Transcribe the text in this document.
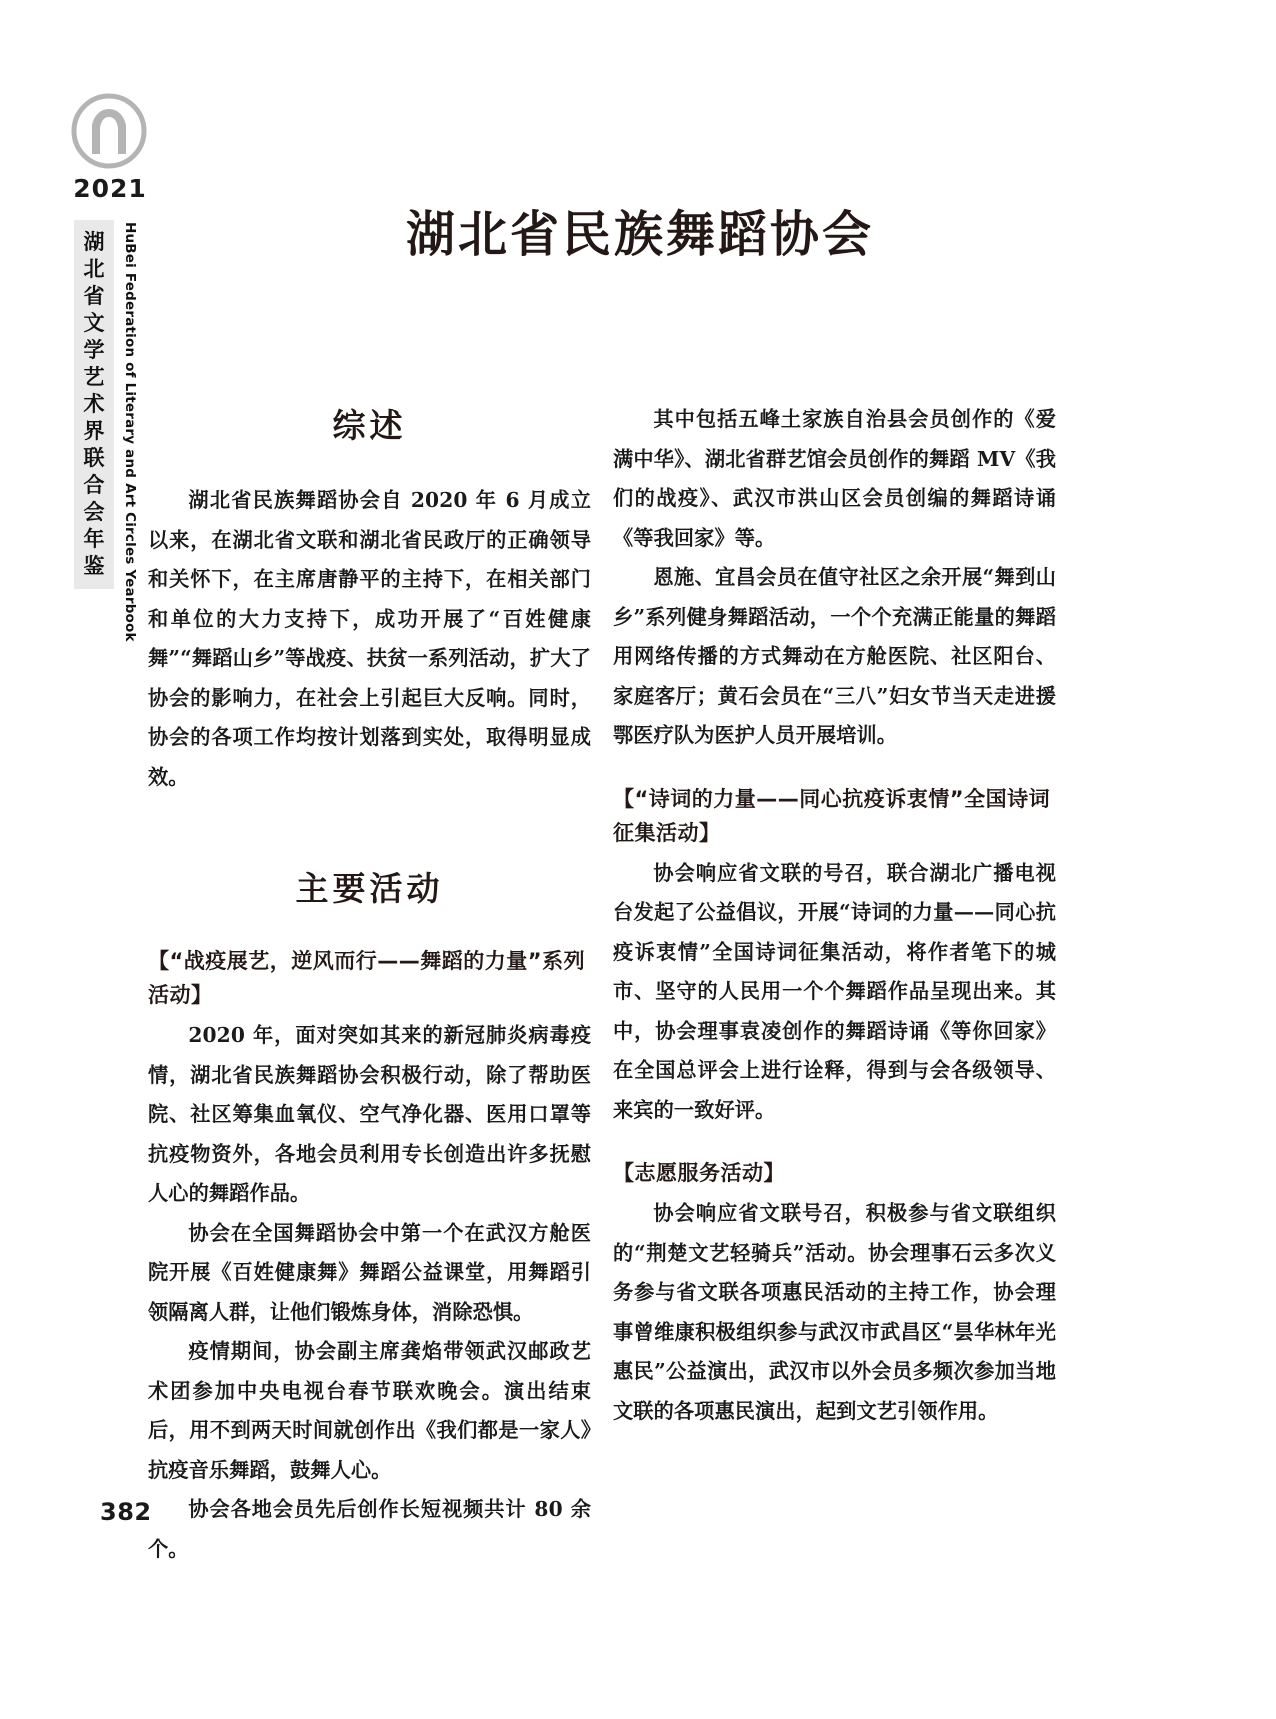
2021
湖
北
省
文
学
艺
术
界
联
合
会
年
鉴	HuBei Federation of Literary and Art Circles Yearbook	湖北省民族舞蹈协会
综述

湖北省民族舞蹈协会自 2020 年 6 月成立以来，在湖北省文联和湖北省民政厅的正确领导和关怀下，在主席唐静平的主持下，在相关部门和单位的大力支持下，成功开展了“百姓健康舞”“舞蹈山乡”等战疫、扶贫一系列活动，扩大了协会的影响力，在社会上引起巨大反响。同时，协会的各项工作均按计划落到实处，取得明显成效。

主要活动
【“战疫展艺，逆风而行——舞蹈的力量”系列活动】

2020 年，面对突如其来的新冠肺炎病毒疫情，湖北省民族舞蹈协会积极行动，除了帮助医院、社区筹集血氧仪、空气净化器、医用口罩等抗疫物资外，各地会员利用专长创造出许多抚慰人心的舞蹈作品。

协会在全国舞蹈协会中第一个在武汉方舱医院开展《百姓健康舞》舞蹈公益课堂，用舞蹈引领隔离人群，让他们锻炼身体，消除恐惧。

疫情期间，协会副主席龚焰带领武汉邮政艺术团参加中央电视台春节联欢晚会。演出结束后，用不到两天时间就创作出《我们都是一家人》抗疫音乐舞蹈，鼓舞人心。

协会各地会员先后创作长短视频共计 80 余个。

其中包括五峰土家族自治县会员创作的《爱满中华》、湖北省群艺馆会员创作的舞蹈 MV《我们的战疫》、武汉市洪山区会员创编的舞蹈诗诵《等我回家》等。

恩施、宜昌会员在值守社区之余开展“舞到山乡”系列健身舞蹈活动，一个个充满正能量的舞蹈用网络传播的方式舞动在方舱医院、社区阳台、家庭客厅；黄石会员在“三八”妇女节当天走进援鄂医疗队为医护人员开展培训。

【“诗词的力量——同心抗疫诉衷情”全国诗词征集活动】

协会响应省文联的号召，联合湖北广播电视台发起了公益倡议，开展“诗词的力量——同心抗疫诉衷情”全国诗词征集活动，将作者笔下的城市、坚守的人民用一个个舞蹈作品呈现出来。其中，协会理事袁凌创作的舞蹈诗诵《等你回家》在全国总评会上进行诠释，得到与会各级领导、来宾的一致好评。

【志愿服务活动】

协会响应省文联号召，积极参与省文联组织的“荆楚文艺轻骑兵”活动。协会理事石云多次义务参与省文联各项惠民活动的主持工作，协会理事曾维康积极组织参与武汉市武昌区“昙华林年光惠民”公益演出，武汉市以外会员多频次参加当地文联的各项惠民演出，起到文艺引领作用。

382
